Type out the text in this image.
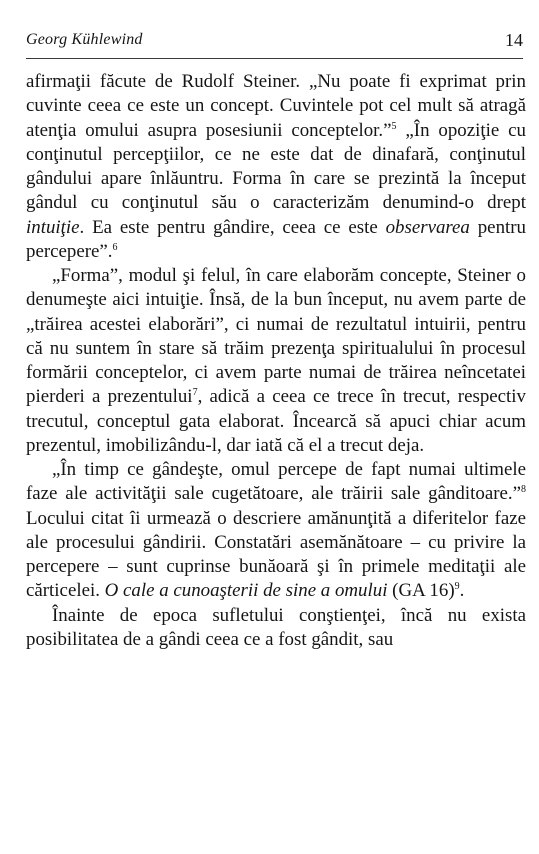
Georg Kühlewind	14

afirmaţii făcute de Rudolf Steiner. „Nu poate fi exprimat prin cuvinte ceea ce este un concept. Cuvintele pot cel mult să atragă atenţia omului asupra posesiunii conceptelor.”$^5$ „În opoziţie cu conţinutul percepţiilor, ce ne este dat de dinafară, conţinutul gândului apare înlăuntru. Forma în care se prezintă la început gândul cu conţinutul său o caracterizăm denumind-o drept intuiţie. Ea este pentru gândire, ceea ce este observarea pentru percepere”.$^6$

„Forma”, modul şi felul, în care elaborăm concepte, Steiner o denumeşte aici intuiţie. Însă, de la bun început, nu avem parte de „trăirea acestei elaborări”, ci numai de rezultatul intuirii, pentru că nu suntem în stare să trăim prezenţa spiritualului în procesul formării conceptelor, ci avem parte numai de trăirea neîncetatei pierderi a prezentului$^7$, adică a ceea ce trece în trecut, respectiv trecutul, conceptul gata elaborat. Încearcă să apuci chiar acum prezentul, imobilizându-l, dar iată că el a trecut deja.

„În timp ce gândeşte, omul percepe de fapt numai ultimele faze ale activităţii sale cugetătoare, ale trăirii sale gânditoare.”$^8$ Locului citat îi urmează o descriere amănunţită a diferitelor faze ale procesului gândirii. Constatări asemănătoare – cu privire la percepere – sunt cuprinse bunăoară şi în primele meditaţii ale cărticelei. O cale a cunoaşterii de sine a omului (GA 16)$^9$.

Înainte de epoca sufletului conştienţei, încă nu exista posibilitatea de a gândi ceea ce a fost gândit, sau
